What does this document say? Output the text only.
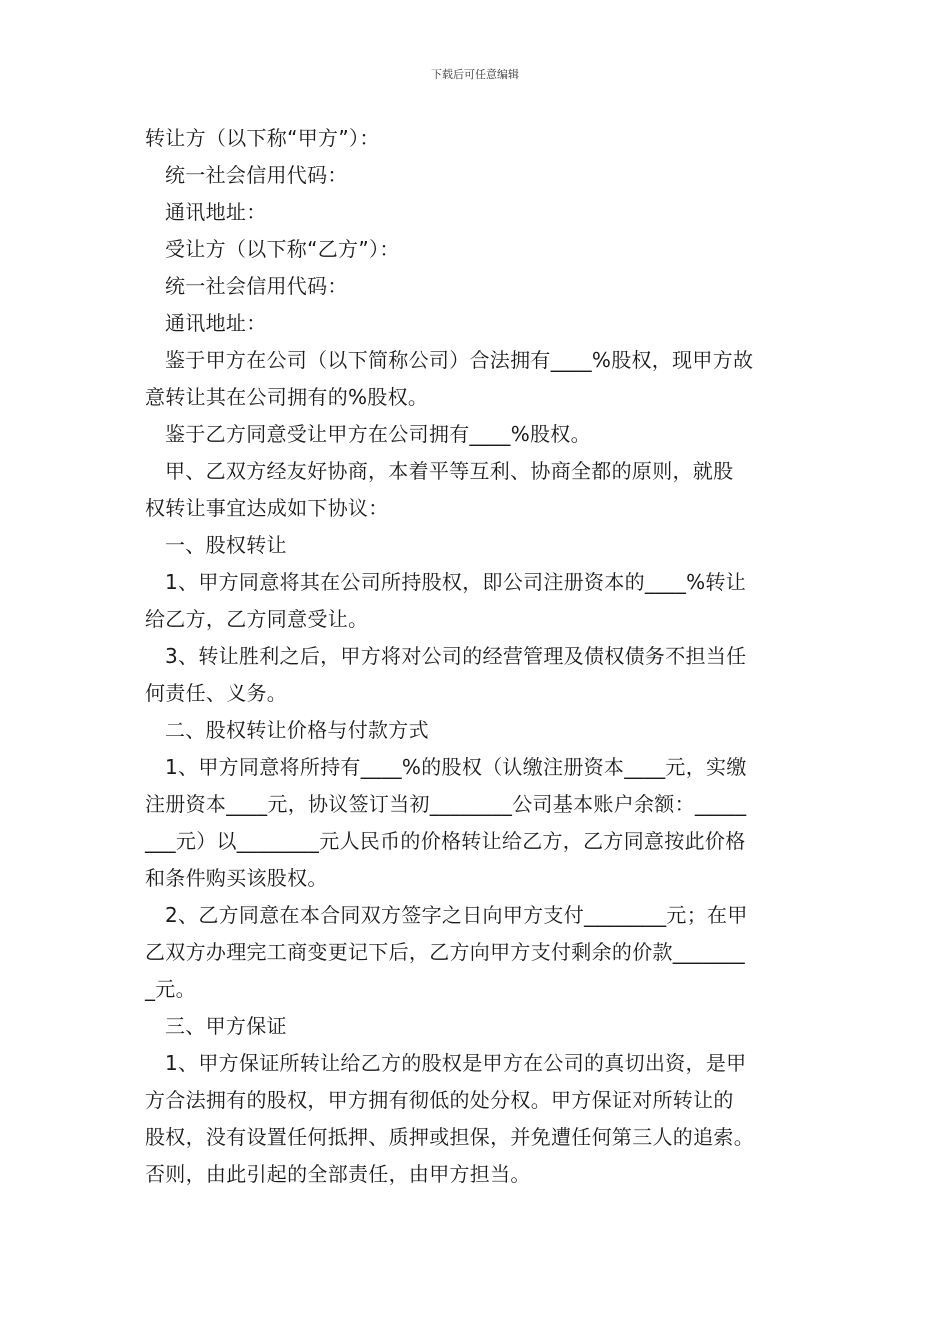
下载后可任意编辑
转让方（以下称“甲方”）：
统一社会信用代码：
通讯地址：
受让方（以下称“乙方”）：
统一社会信用代码：
通讯地址：
鉴于甲方在公司（以下简称公司）合法拥有____%股权，现甲方故
意转让其在公司拥有的%股权。
鉴于乙方同意受让甲方在公司拥有____%股权。
甲、乙双方经友好协商，本着平等互利、协商全都的原则，就股
权转让事宜达成如下协议：
一、股权转让
1、甲方同意将其在公司所持股权，即公司注册资本的____%转让
给乙方，乙方同意受让。
3、转让胜利之后，甲方将对公司的经营管理及债权债务不担当任
何责任、义务。
二、股权转让价格与付款方式
1、甲方同意将所持有____%的股权（认缴注册资本____元，实缴
注册资本____元，协议签订当初________公司基本账户余额：_____
___元）以________元人民币的价格转让给乙方，乙方同意按此价格
和条件购买该股权。
2、乙方同意在本合同双方签字之日向甲方支付________元；在甲
乙双方办理完工商变更记下后，乙方向甲方支付剩余的价款_______
_元。
三、甲方保证
1、甲方保证所转让给乙方的股权是甲方在公司的真切出资，是甲
方合法拥有的股权，甲方拥有彻低的处分权。甲方保证对所转让的
股权，没有设置任何抵押、质押或担保，并免遭任何第三人的追索。
否则，由此引起的全部责任，由甲方担当。
